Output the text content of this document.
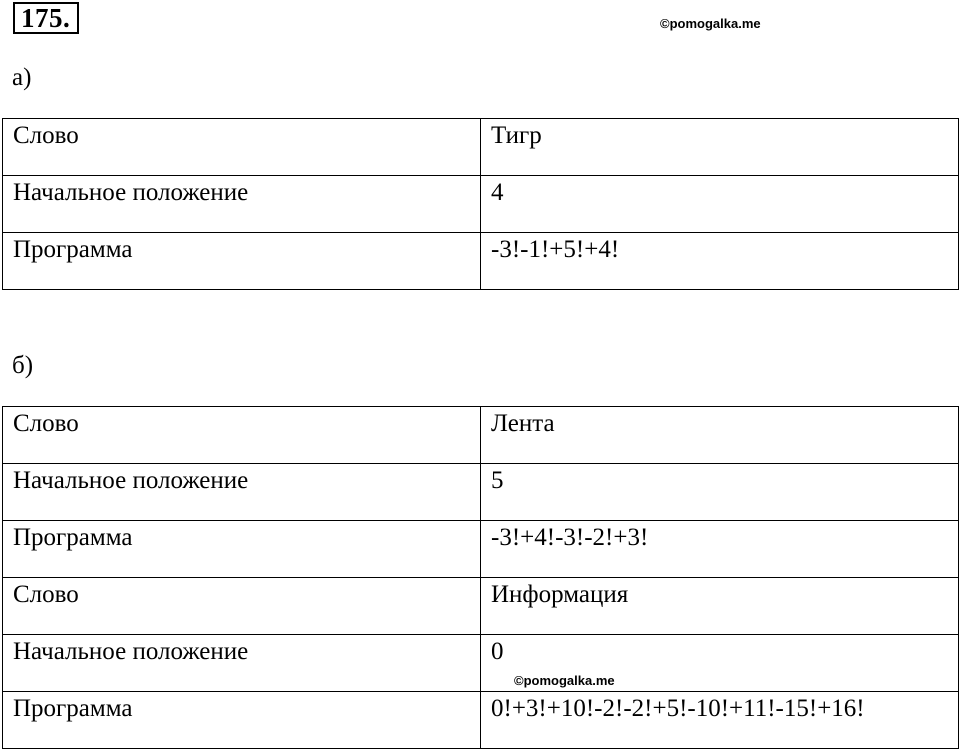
175.	©pomogalka.me
а)
Слово	Тигр
Начальное положение	4
Программа	-3!-1!+5!+4!
б)
Слово	Лента
Начальное положение	5
Программа	-3!+4!-3!-2!+3!
Слово	Информация
Начальное положение	0
Программа	0!+3!+10!-2!-2!+5!-10!+11!-15!+16!
©pomogalka.me
